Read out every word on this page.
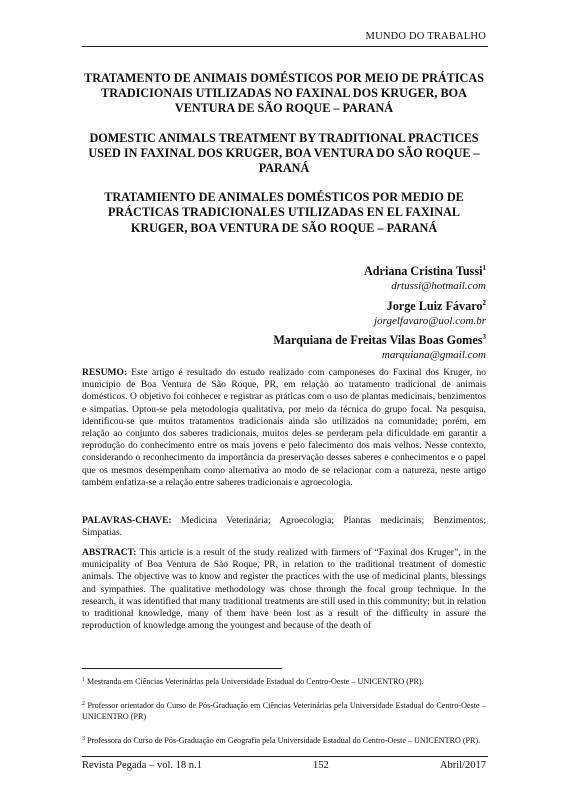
MUNDO DO TRABALHO

TRATAMENTO DE ANIMAIS DOMÉSTICOS POR MEIO DE PRÁTICAS TRADICIONAIS UTILIZADAS NO FAXINAL DOS KRUGER, BOA VENTURA DE SÃO ROQUE – PARANÁ

DOMESTIC ANIMALS TREATMENT BY TRADITIONAL PRACTICES USED IN FAXINAL DOS KRUGER, BOA VENTURA DO SÃO ROQUE –PARANÁ

TRATAMIENTO DE ANIMALES DOMÉSTICOS POR MEDIO DE PRÁCTICAS TRADICIONALES UTILIZADAS EN EL FAXINAL KRUGER, BOA VENTURA DE SÃO ROQUE – PARANÁ

Adriana Cristina Tussi$^1$
drtussi@hotmail.com
Jorge Luiz Fávaro$^2$
jorgelfavaro@uol.com.br
Marquiana de Freitas Vilas Boas Gomes$^3$
marquiana@gmail.com
RESUMO: Este artigo é resultado do estudo realizado com camponeses do Faxinal dos Kruger, no município de Boa Ventura de São Roque, PR, em relação ao tratamento tradicional de animais domésticos. O objetivo foi conhecer e registrar as práticas com o uso de plantas medicinais, benzimentos e simpatias. Optou-se pela metodologia qualitativa, por meio da técnica do grupo focal. Na pesquisa, identificou-se que muitos tratamentos tradicionais ainda são utilizados na comunidade; porém, em relação ao conjunto dos saberes tradicionais, muitos deles se perderam pela dificuldade em garantir a reprodução do conhecimento entre os mais jovens e pelo falecimento dos mais velhos. Nesse contexto, considerando o reconhecimento da importância da preservação desses saberes e conhecimentos e o papel que os mesmos desempenham como alternativa ao modo de se relacionar com a natureza, neste artigo também enfatiza-se a relação entre saberes tradicionais e agroecologia.
PALAVRAS-CHAVE: Medicina Veterinária; Agroecologia; Plantas medicinais; Benzimentos; Simpatias.
ABSTRACT: This article is a result of the study realized with farmers of “Faxinal dos Kruger”, in the municipality of Boa Ventura de São Roque, PR, in relation to the traditional treatment of domestic animals. The objective was to know and register the practices with the use of medicinal plants, blessings and sympathies. The qualitative methodology was chose through the focal group technique. In the research, it was identified that many traditional treatments are still used in this community; but in relation to traditional knowledge, many of them have been lost as a result of the difficulty in assure the reproduction of knowledge among the youngest and because of the death of

$^1$ Mestranda em Ciências Veterinárias pela Universidade Estadual do Centro-Oeste – UNICENTRO (PR).

$^2$ Professor orientador do Curso de Pós-Graduação em Ciências Veterinárias pela Universidade Estadual do Centro-Oeste – UNICENTRO (PR)

$^3$ Professora do Curso de Pós-Graduação em Geografia pela Universidade Estadual do Centro-Oeste – UNICENTRO (PR).

Revista Pegada – vol. 18 n.1	152	Abril/2017
